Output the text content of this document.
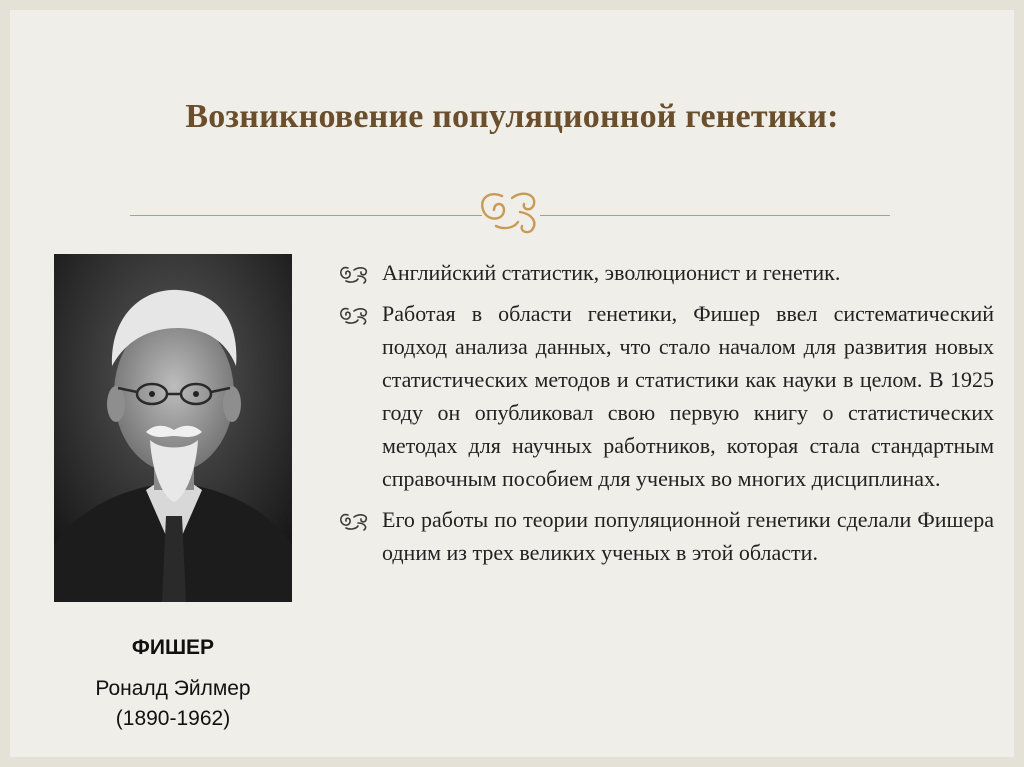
Возникновение популяционной генетики:
ФИШЕР
Роналд Эйлмер
(1890-1962)
Английский статистик, эволюционист и генетик.
Работая в области генетики, Фишер ввел систематический подход анализа данных, что стало началом для развития новых статистических методов и статистики как науки в целом. В 1925 году он опубликовал свою первую книгу о статистических методах для научных работников, которая стала стандартным справочным пособием для ученых во многих дисциплинах.
Его работы по теории популяционной генетики сделали Фишера одним из трех великих ученых в этой области.
